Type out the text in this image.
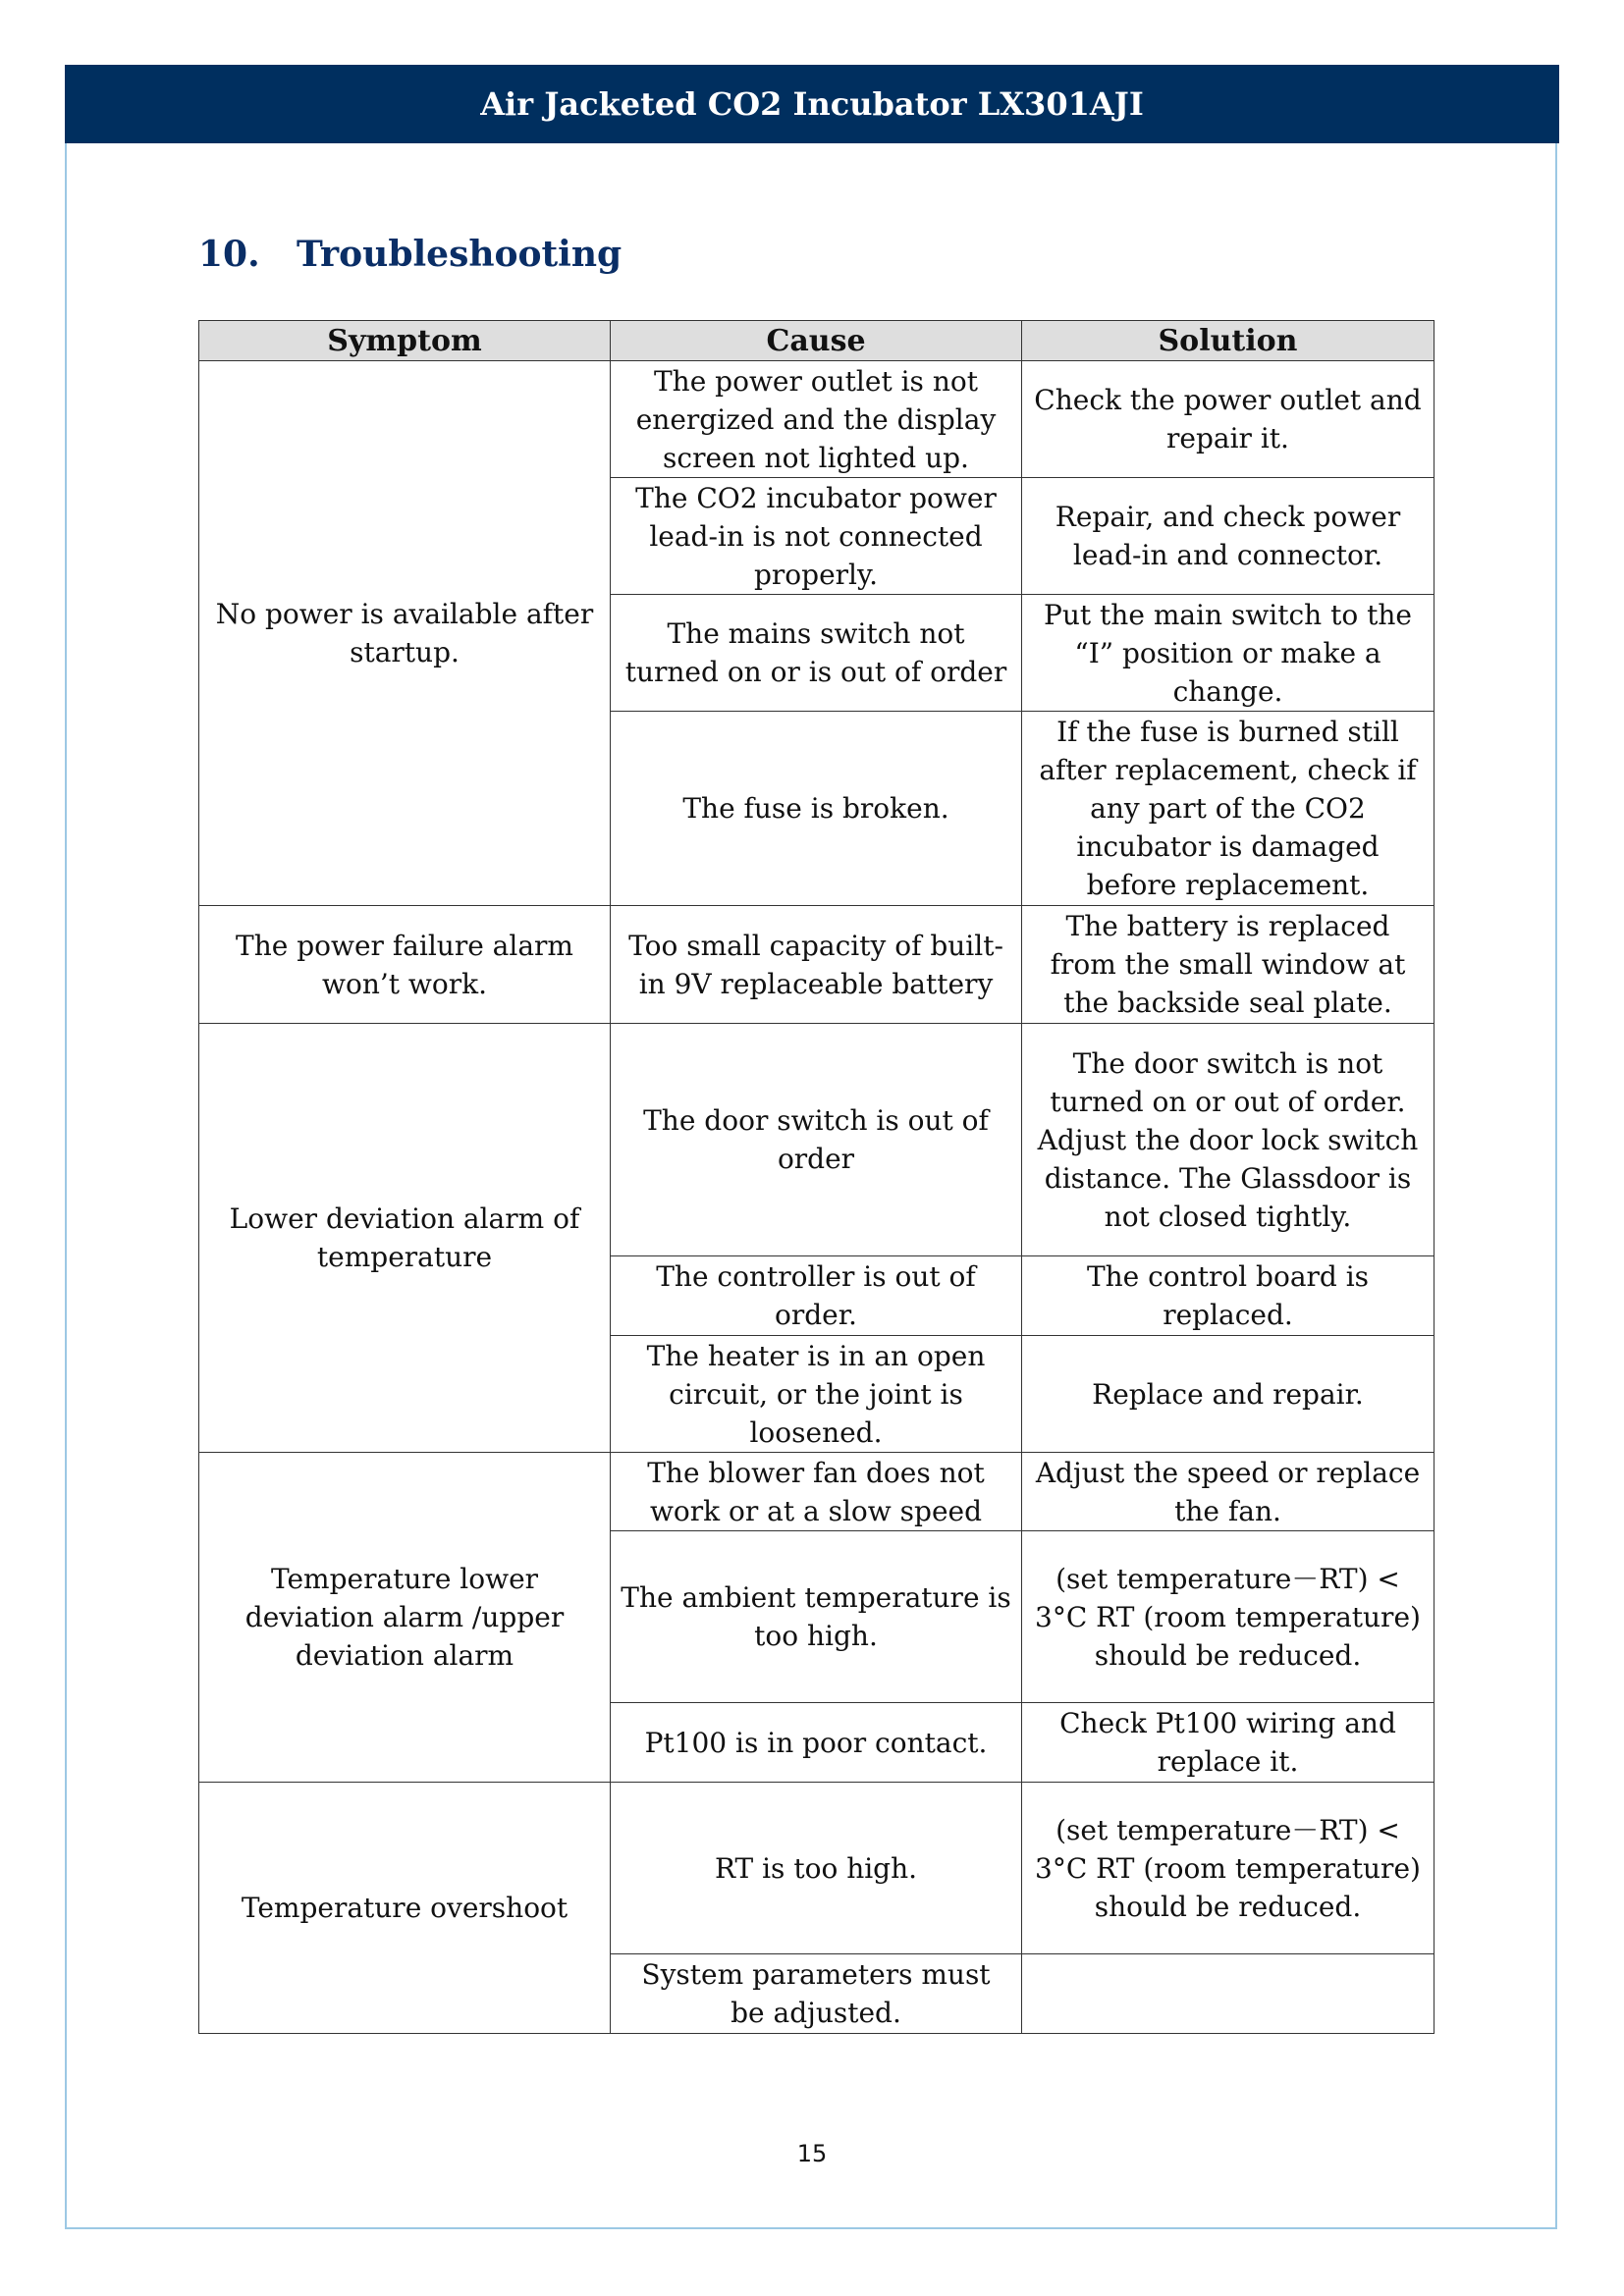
Air Jacketed CO2 Incubator LX301AJI
10.	Troubleshooting
Symptom	Cause	Solution
No power is available after startup.	The power outlet is not energized and the display screen not lighted up.	Check the power outlet and repair it.
	The CO2 incubator power lead-in is not connected properly.	Repair, and check power lead-in and connector.
	The mains switch not turned on or is out of order	Put the main switch to the “I” position or make a change.
	The fuse is broken.	If the fuse is burned still after replacement, check if any part of the CO2 incubator is damaged before replacement.
The power failure alarm won’t work.	Too small capacity of built-in 9V replaceable battery	The battery is replaced from the small window at the backside seal plate.
Lower deviation alarm of temperature	The door switch is out of order	The door switch is not turned on or out of order. Adjust the door lock switch distance. The Glassdoor is not closed tightly.
	The controller is out of order.	The control board is replaced.
	The heater is in an open circuit, or the joint is loosened.	Replace and repair.
Temperature lower deviation alarm /upper deviation alarm	The blower fan does not work or at a slow speed	Adjust the speed or replace the fan.
	The ambient temperature is too high.	(set temperature－RT) < 3°C RT (room temperature) should be reduced.
	Pt100 is in poor contact.	Check Pt100 wiring and replace it.
Temperature overshoot	RT is too high.	(set temperature－RT) < 3°C RT (room temperature) should be reduced.
	System parameters must be adjusted.	
15
